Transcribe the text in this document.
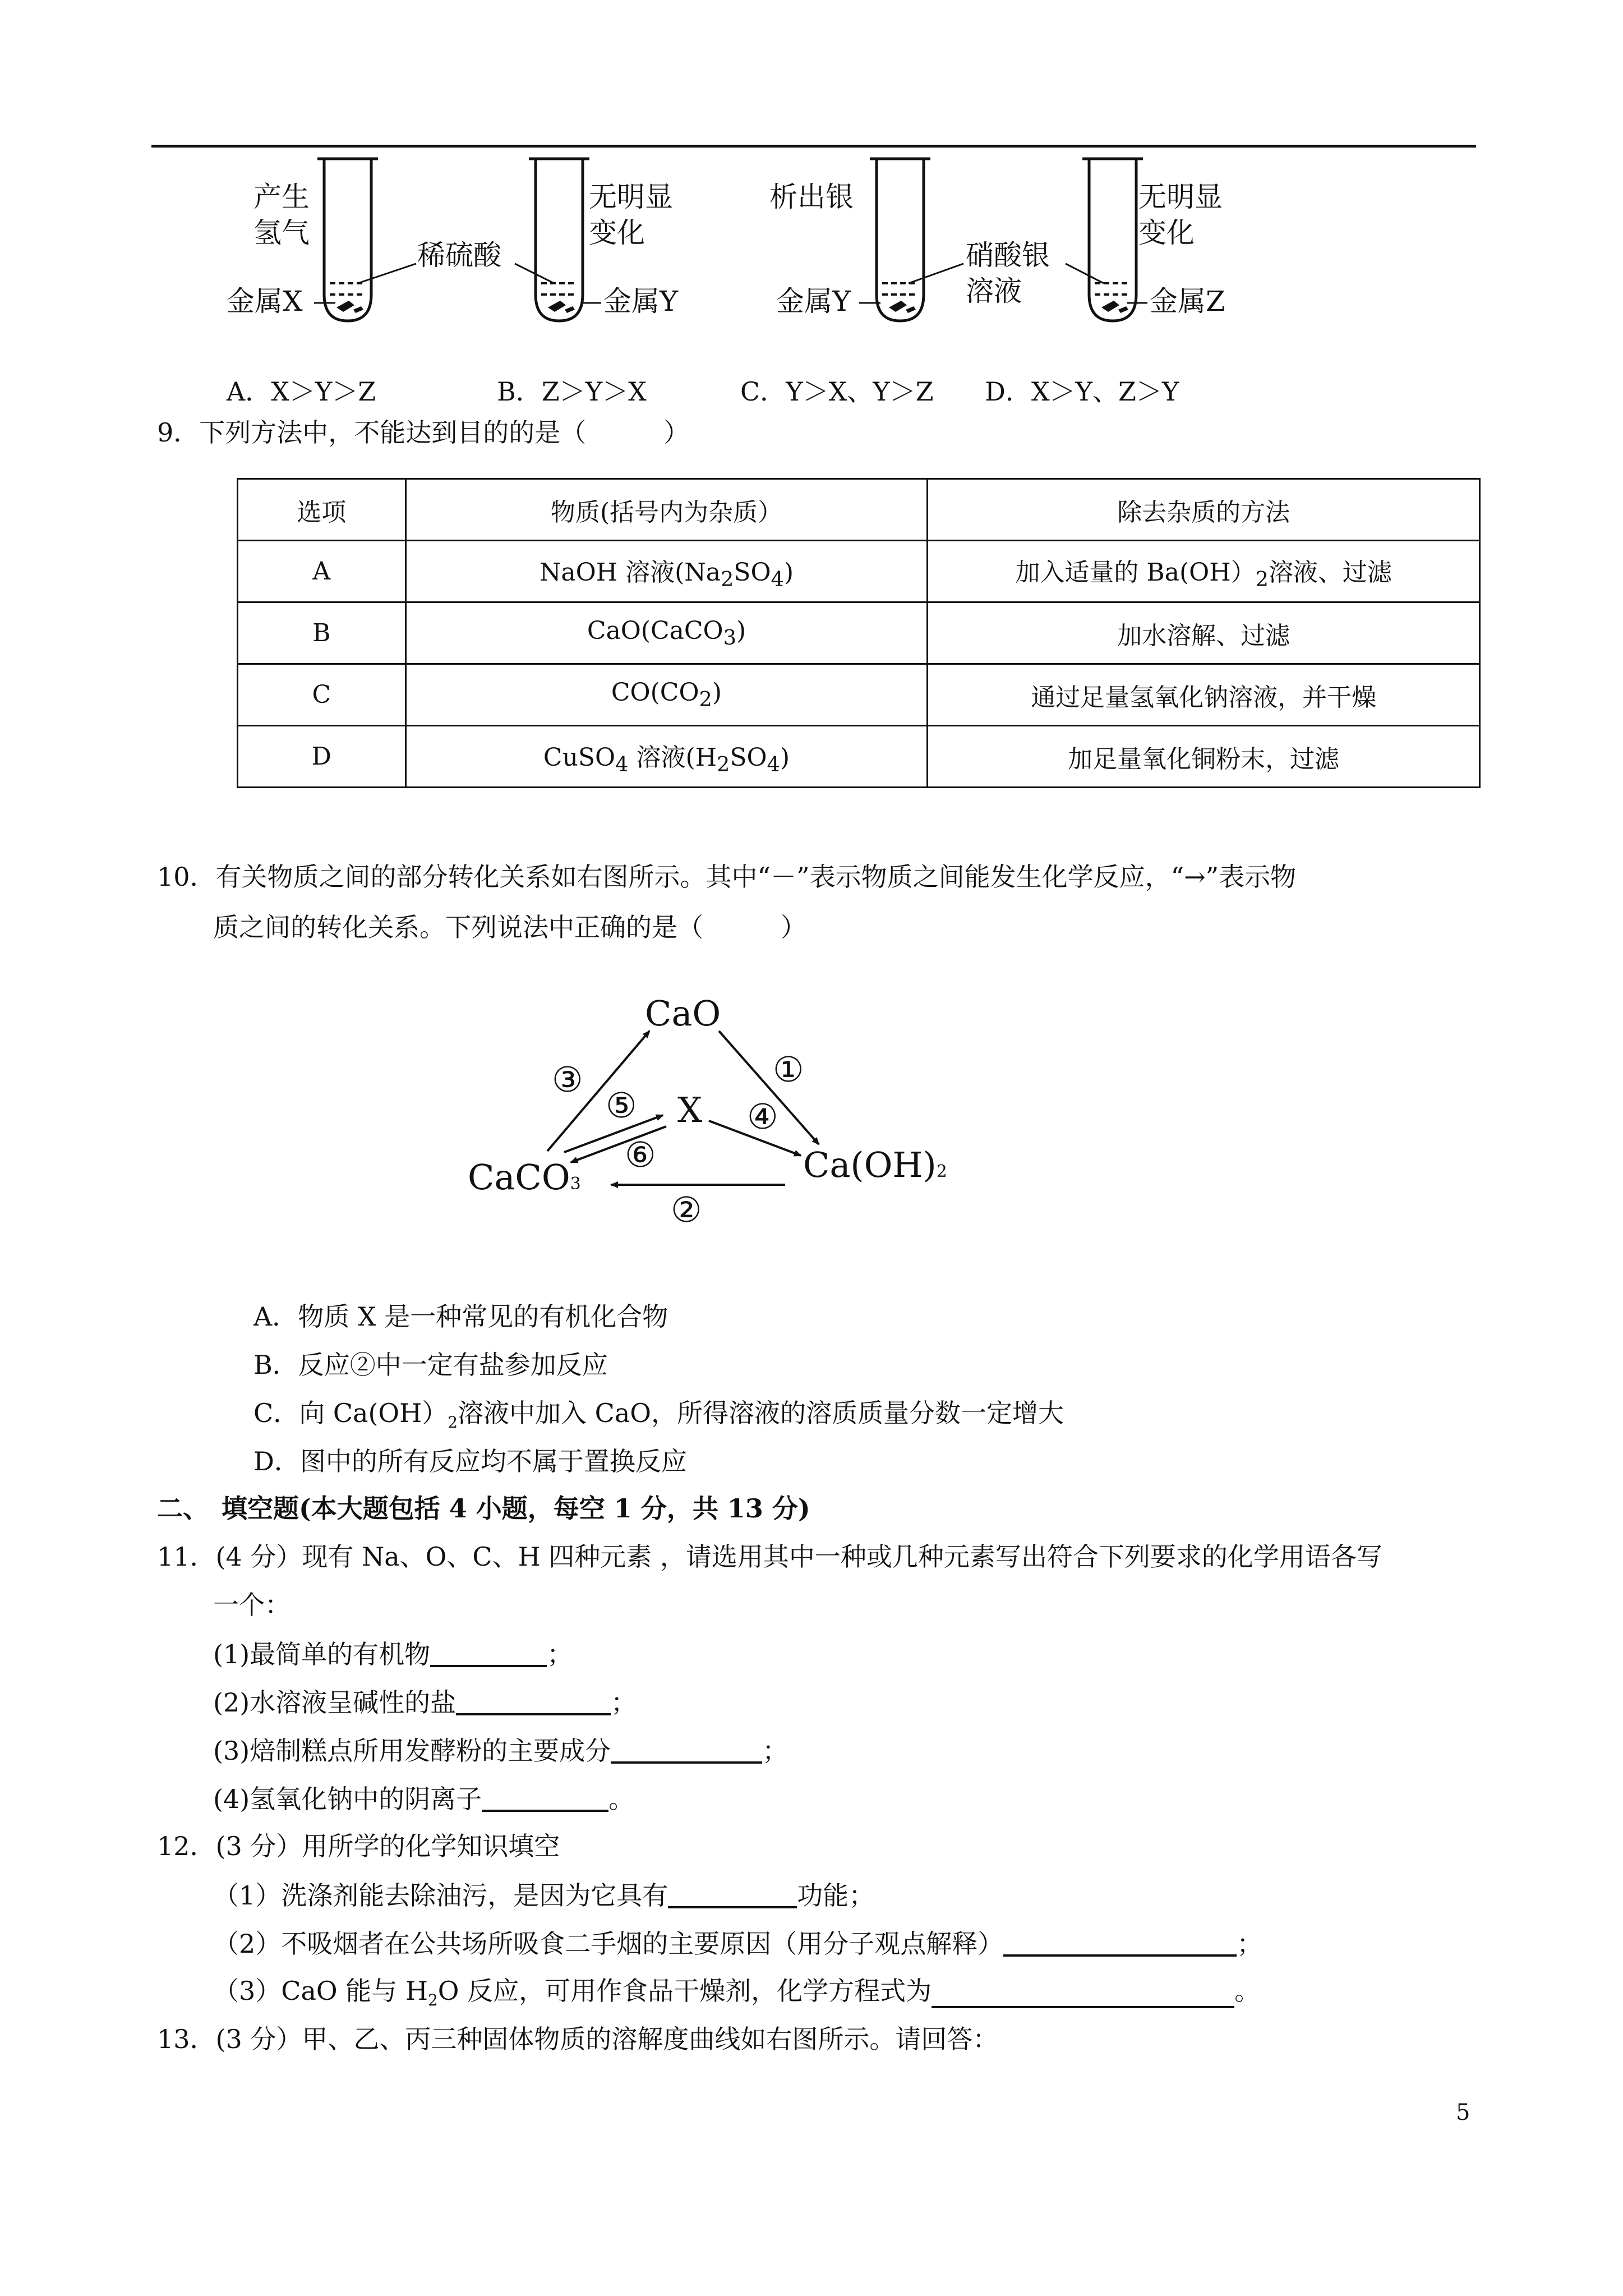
产生
氢气
稀硫酸
金属X
无明显
变化
金属Y
析出银
金属Y
硝酸银
溶液
无明显
变化
金属Z
A．X＞Y＞Z	B．Z＞Y＞X	C．Y＞X、Y＞Z D．X＞Y、Z＞Y
9．下列方法中，不能达到目的的是（　　　）
选项	物质(括号内为杂质）	除去杂质的方法
A	NaOH 溶液$(Na_2SO_4)$	加入适量的 $Ba(OH)_2$溶液、过滤
B	CaO(CaCO$_3$)	加水溶解、过滤
C	$CO(CO_2)$	通过足量氢氧化钠溶液，并干燥
D	CuSO$_4$ 溶液$(H_2SO_4)$	加足量氧化铜粉末，过滤
10．有关物质之间的部分转化关系如右图所示。其中“－”表示物质之间能发生化学反应，“→”表示物
质之间的转化关系。下列说法中正确的是（　　　）
CaO
X
CaCO3	Ca(OH)2
①
③
⑤	④
⑥
②
A．物质 X 是一种常见的有机化合物
B．反应②中一定有盐参加反应
C．向 $Ca(OH)_2$溶液中加入 CaO，所得溶液的溶质质量分数一定增大
D．图中的所有反应均不属于置换反应
二、　填空题(本大题包括 4 小题，每空 1 分，共 13 分)
11．(4 分）现有 Na、O、C、H 四种元素 ，请选用其中一种或几种元素写出符合下列要求的化学用语各写
一个：
(1)最简单的有机物	；
(2)水溶液呈碱性的盐	；
(3)焙制糕点所用发酵粉的主要成分	；
(4)氢氧化钠中的阴离子	。
12．(3 分）用所学的化学知识填空
（1）洗涤剂能去除油污，是因为它具有	功能；
（2）不吸烟者在公共场所吸食二手烟的主要原因（用分子观点解释）	；
（3）CaO 能与 $H_2O$ 反应，可用作食品干燥剂，化学方程式为	。
13．(3 分）甲、乙、丙三种固体物质的溶解度曲线如右图所示。请回答：
5
